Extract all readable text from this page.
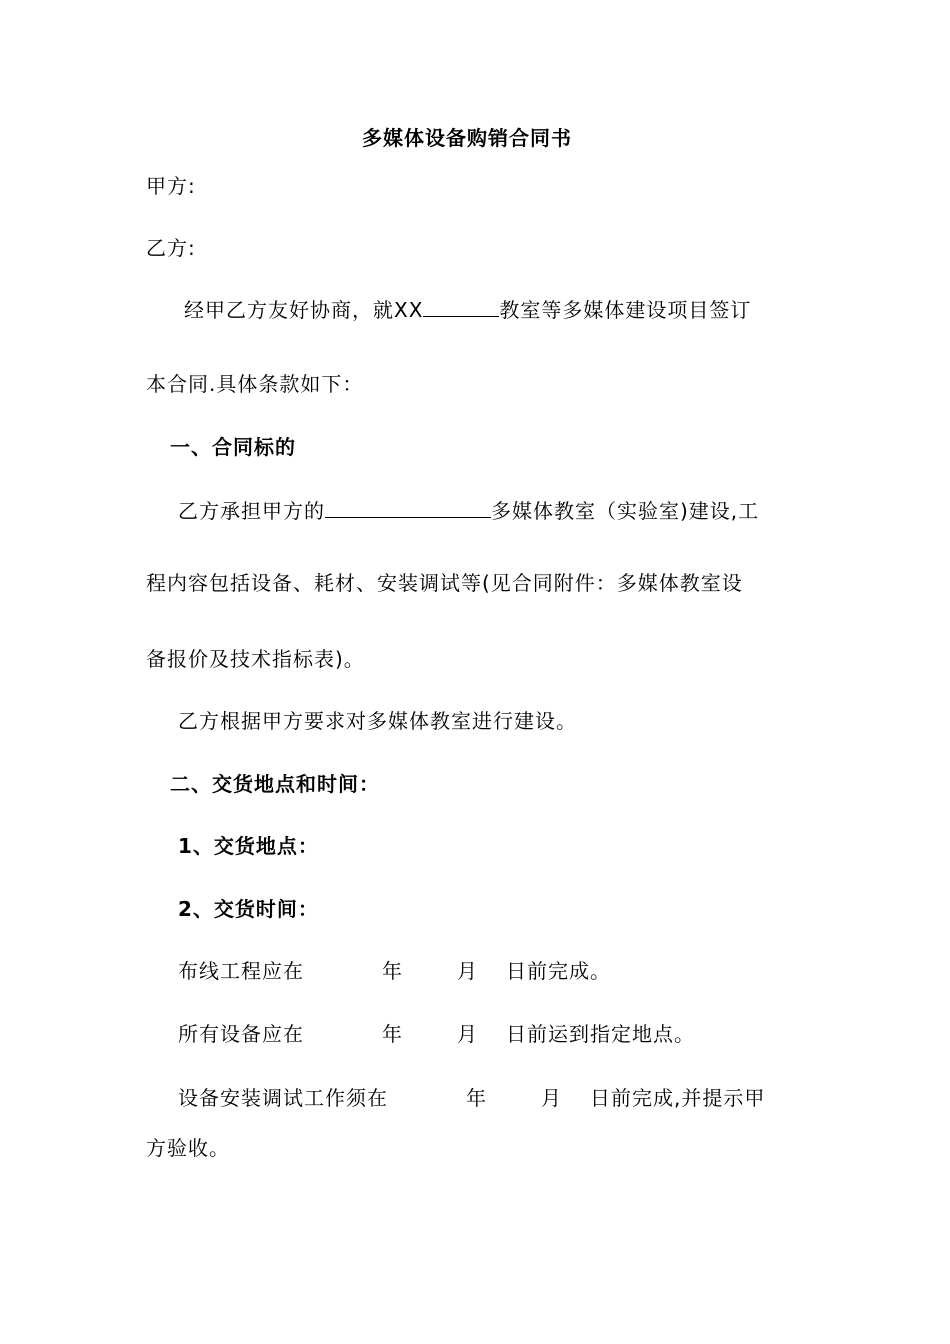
多媒体设备购销合同书
甲方:
乙方:
经甲乙方友好协商，就XX	教室等多媒体建设项目签订
本合同.具体条款如下：
一、合同标的
乙方承担甲方的	多媒体教室（实验室)建设,工
程内容包括设备、耗材、安装调试等(见合同附件：多媒体教室设
备报价及技术指标表)。
乙方根据甲方要求对多媒体教室进行建设。
二、交货地点和时间：
1、交货地点：
2、交货时间：
布线工程应在	年	月 日前完成。
所有设备应在	年	月 日前运到指定地点。
设备安装调试工作须在	年	月 日前完成,并提示甲
方验收。
